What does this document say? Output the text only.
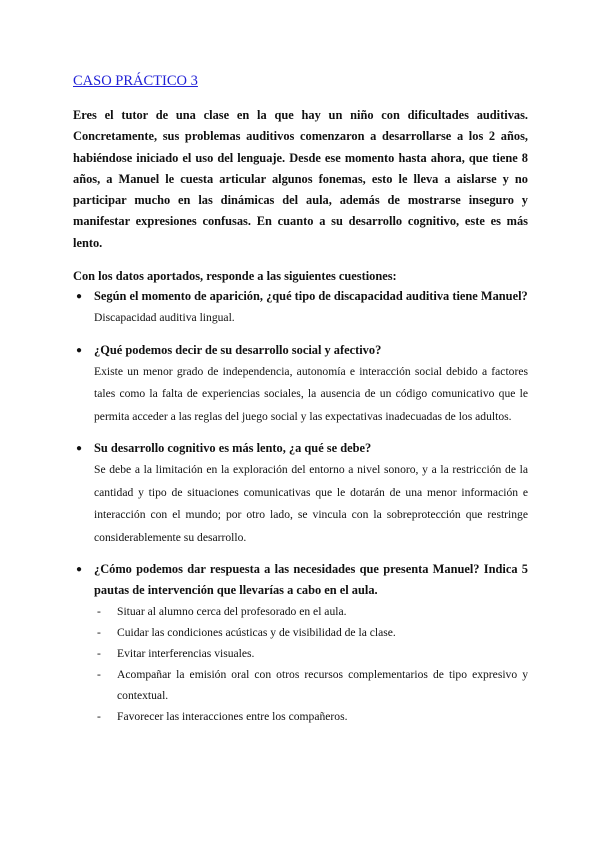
CASO PRÁCTICO 3

Eres el tutor de una clase en la que hay un niño con dificultades auditivas. Concretamente, sus problemas auditivos comenzaron a desarrollarse a los 2 años, habiéndose iniciado el uso del lenguaje. Desde ese momento hasta ahora, que tiene 8 años, a Manuel le cuesta articular algunos fonemas, esto le lleva a aislarse y no participar mucho en las dinámicas del aula, además de mostrarse inseguro y manifestar expresiones confusas. En cuanto a su desarrollo cognitivo, este es más lento.

Con los datos aportados, responde a las siguientes cuestiones:

● Según el momento de aparición, ¿qué tipo de discapacidad auditiva tiene Manuel?
Discapacidad auditiva lingual.
● ¿Qué podemos decir de su desarrollo social y afectivo?
Existe un menor grado de independencia, autonomía e interacción social debido a factores tales como la falta de experiencias sociales, la ausencia de un código comunicativo que le permita acceder a las reglas del juego social y las expectativas inadecuadas de los adultos.
● Su desarrollo cognitivo es más lento, ¿a qué se debe?
Se debe a la limitación en la exploración del entorno a nivel sonoro, y a la restricción de la cantidad y tipo de situaciones comunicativas que le dotarán de una menor información e interacción con el mundo; por otro lado, se vincula con la sobreprotección que restringe considerablemente su desarrollo.
● ¿Cómo podemos dar respuesta a las necesidades que presenta Manuel? Indica 5 pautas de intervención que llevarías a cabo en el aula.
- Situar al alumno cerca del profesorado en el aula.
- Cuidar las condiciones acústicas y de visibilidad de la clase.
- Evitar interferencias visuales.
- Acompañar la emisión oral con otros recursos complementarios de tipo expresivo y contextual.
- Favorecer las interacciones entre los compañeros.
